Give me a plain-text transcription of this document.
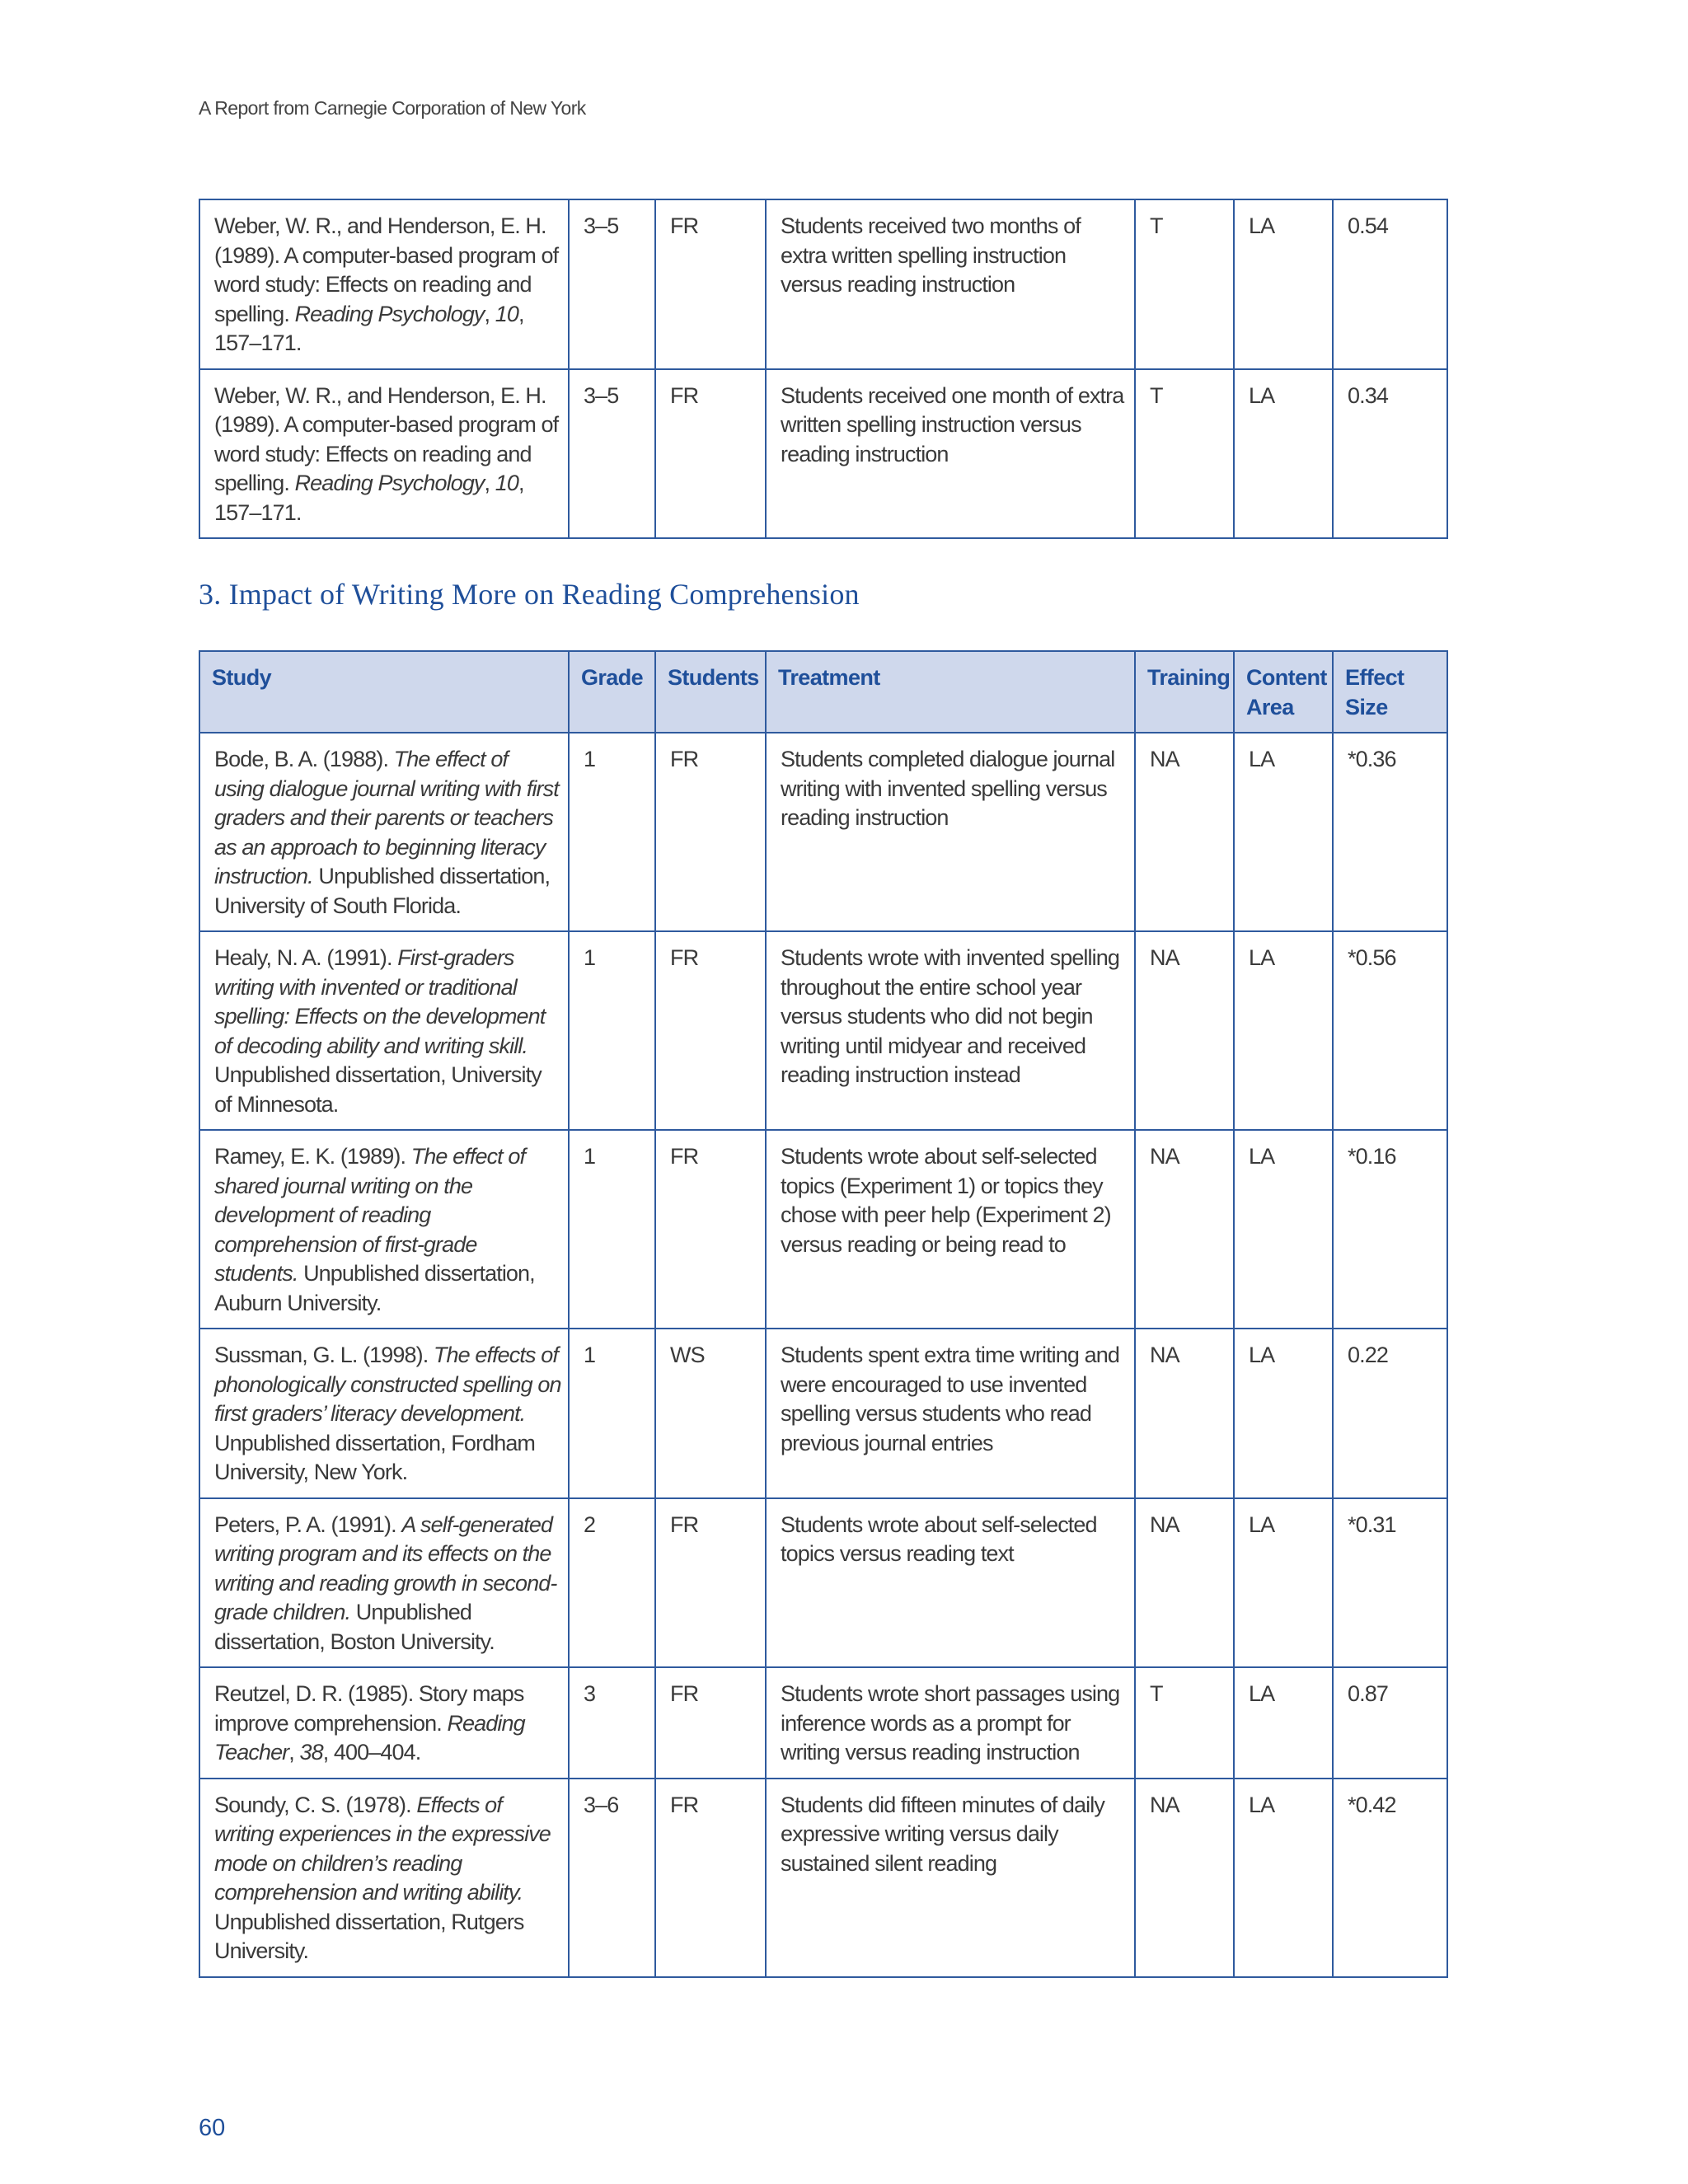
A Report from Carnegie Corporation of New York
Weber, W. R., and Henderson, E. H. (1989). A computer-based program of word study: Effects on reading and spelling. Reading Psychology, 10, 157–171.	3–5	FR	Students received two months of extra written spelling instruction versus reading instruction	T	LA	0.54
Weber, W. R., and Henderson, E. H. (1989). A computer-based program of word study: Effects on reading and spelling. Reading Psychology, 10, 157–171.	3–5	FR	Students received one month of extra written spelling instruction versus reading instruction	T	LA	0.34
3. Impact of Writing More on Reading Comprehension
Study	Grade	Students	Treatment	Training	Content Area	Effect Size
Bode, B. A. (1988). The effect of using dialogue journal writing with first graders and their parents or teachers as an approach to beginning literacy instruction. Unpublished dissertation, University of South Florida.	1	FR	Students completed dialogue journal writing with invented spelling versus reading instruction	NA	LA	*0.36
Healy, N. A. (1991). First-graders writing with invented or traditional spelling: Effects on the development of decoding ability and writing skill. Unpublished dissertation, University of Minnesota.	1	FR	Students wrote with invented spelling throughout the entire school year versus students who did not begin writing until midyear and received reading instruction instead	NA	LA	*0.56
Ramey, E. K. (1989). The effect of shared journal writing on the development of reading comprehension of first-grade students. Unpublished dissertation, Auburn University.	1	FR	Students wrote about self-selected topics (Experiment 1) or topics they chose with peer help (Experiment 2) versus reading or being read to	NA	LA	*0.16
Sussman, G. L. (1998). The effects of phonologically constructed spelling on first graders’ literacy development. Unpublished dissertation, Fordham University, New York.	1	WS	Students spent extra time writing and were encouraged to use invented spelling versus students who read previous journal entries	NA	LA	0.22
Peters, P. A. (1991). A self-generated writing program and its effects on the writing and reading growth in second-grade children. Unpublished dissertation, Boston University.	2	FR	Students wrote about self-selected topics versus reading text	NA	LA	*0.31
Reutzel, D. R. (1985). Story maps improve comprehension. Reading Teacher, 38, 400–404.	3	FR	Students wrote short passages using inference words as a prompt for writing versus reading instruction	T	LA	0.87
Soundy, C. S. (1978). Effects of writing experiences in the expressive mode on children’s reading comprehension and writing ability. Unpublished dissertation, Rutgers University.	3–6	FR	Students did fifteen minutes of daily expressive writing versus daily sustained silent reading	NA	LA	*0.42
60
